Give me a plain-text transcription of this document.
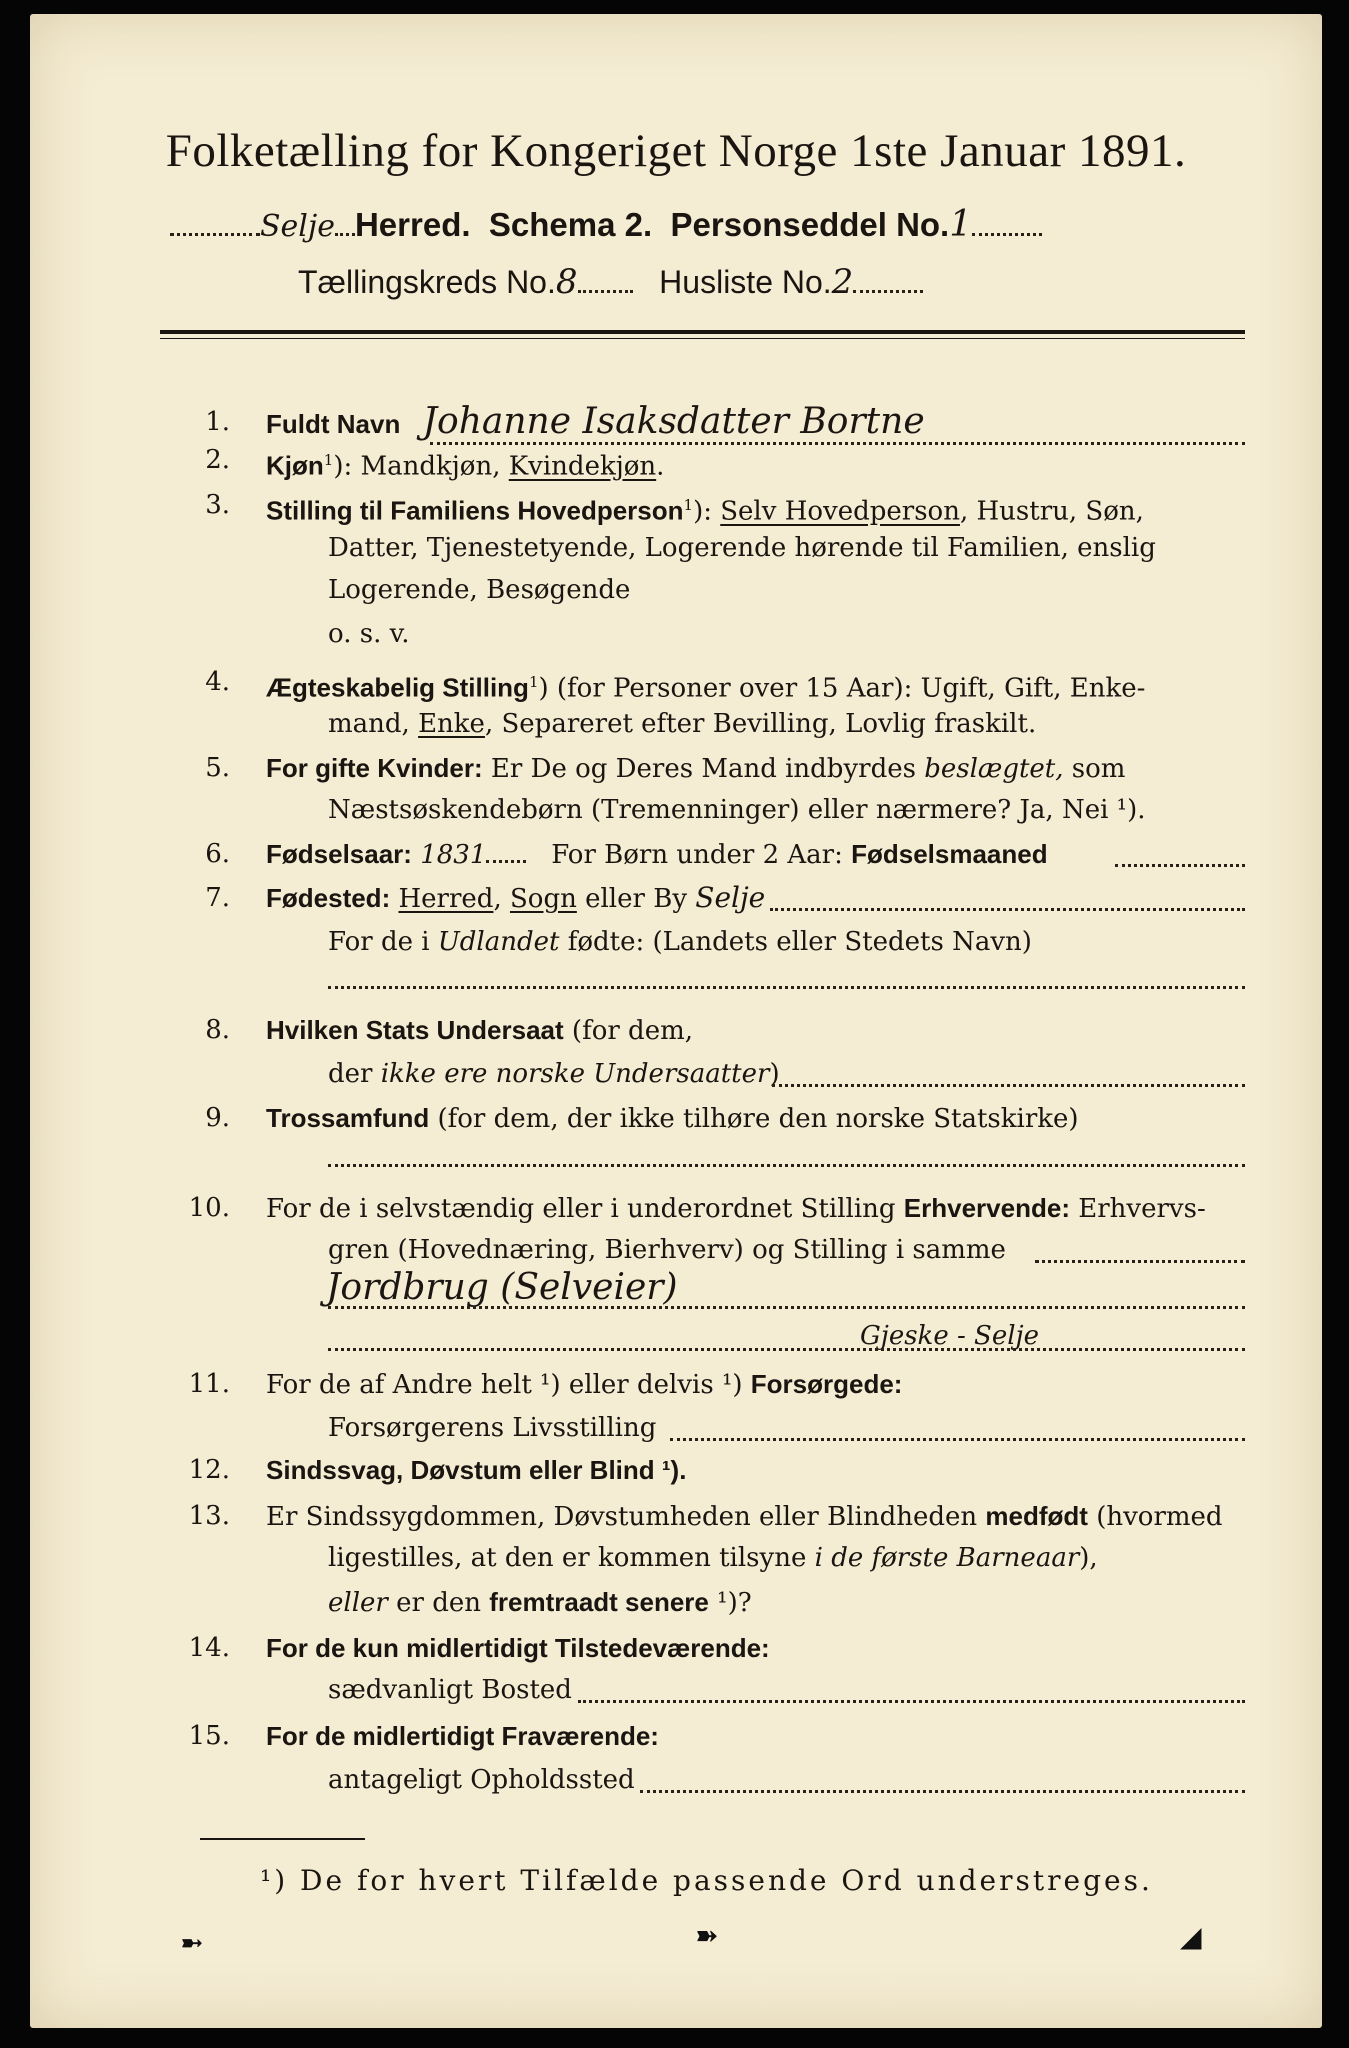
Folketælling for Kongeriget Norge 1ste Januar 1891.
Selje Herred. Schema 2. Personseddel No.1
Tællingskreds No.8	Husliste No.2
1. Fuldt Navn Johanne Isaksdatter Bortne
2. Kjøn$^1$): Mandkjøn, Kvindekjøn.
3. Stilling til Familiens Hovedperson$^1$): Selv Hovedperson, Hustru, Søn,
Datter, Tjenestetyende, Logerende hørende til Familien, enslig
Logerende, Besøgende
o. s. v.
4. Ægteskabelig Stilling$^1$) (for Personer over 15 Aar): Ugift, Gift, Enke-
mand, Enke, Separeret efter Bevilling, Lovlig fraskilt.
5. For gifte Kvinder: Er De og Deres Mand indbyrdes beslægtet, som
Næstsøskendebørn (Tremenninger) eller nærmere? Ja, Nei ¹).
6. Fødselsaar: 1831 For Børn under 2 Aar: Fødselsmaaned
7. Fødested: Herred, Sogn eller By Selje
For de i Udlandet fødte: (Landets eller Stedets Navn)
8. Hvilken Stats Undersaat (for dem,
der ikke ere norske Undersaatter)
9. Trossamfund (for dem, der ikke tilhøre den norske Statskirke)
10. For de i selvstændig eller i underordnet Stilling Erhvervende: Erhvervs-
gren (Hovednæring, Bierhverv) og Stilling i samme
Jordbrug (Selveier)
Gjeske - Selje
11. For de af Andre helt ¹) eller delvis ¹) Forsørgede:
Forsørgerens Livsstilling
12. Sindssvag, Døvstum eller Blind ¹).
13. Er Sindssygdommen, Døvstumheden eller Blindheden medfødt (hvormed
ligestilles, at den er kommen tilsyne i de første Barneaar),
eller er den fremtraadt senere ¹)?
14. For de kun midlertidigt Tilstedeværende:
sædvanligt Bosted
15. For de midlertidigt Fraværende:
antageligt Opholdssted
¹) De for hvert Tilfælde passende Ord understreges.
➼	➽	◢
